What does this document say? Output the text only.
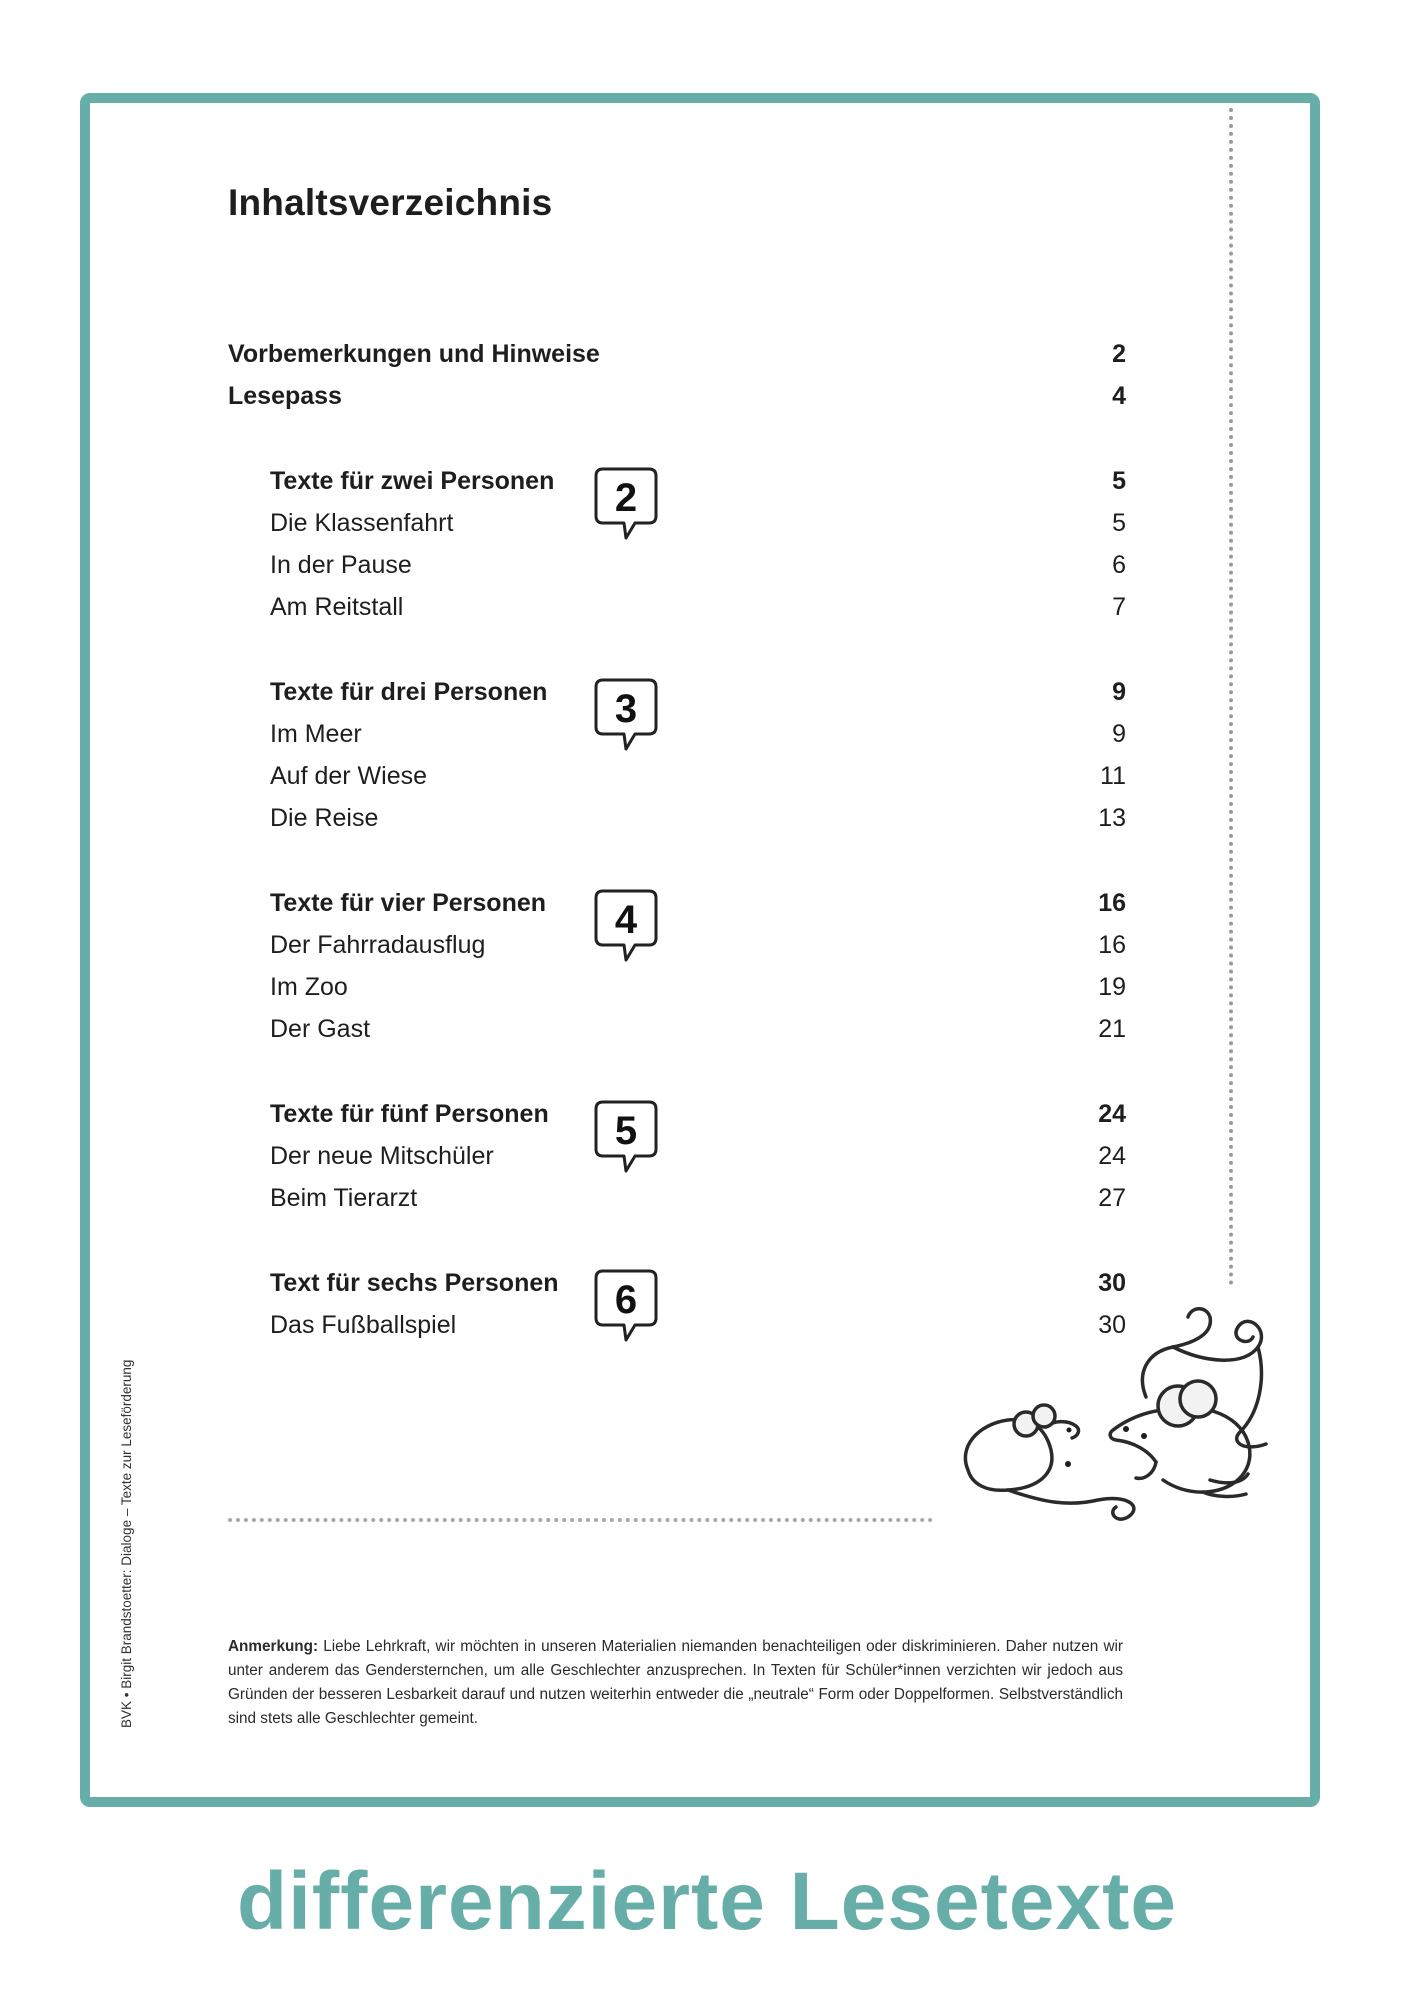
Inhaltsverzeichnis
Vorbemerkungen und Hinweise	2
Lesepass	4
Texte für zwei Personen	5
Die Klassenfahrt	5
In der Pause	6
Am Reitstall	7
2
Texte für drei Personen	9
Im Meer	9
Auf der Wiese	11
Die Reise	13
3
Texte für vier Personen	16
Der Fahrradausflug	16
Im Zoo	19
Der Gast	21
4
Texte für fünf Personen	24
Der neue Mitschüler	24
Beim Tierarzt	27
5
Text für sechs Personen	30
Das Fußballspiel	30
6
BVK • Birgit Brandstoetter: Dialoge – Texte zur Leseförderung	Anmerkung: Liebe Lehrkraft, wir möchten in unseren Materialien niemanden benachteiligen oder diskriminieren. Daher nutzen wir unter anderem das Gendersternchen, um alle Geschlechter anzusprechen. In Texten für Schüler*innen verzichten wir jedoch aus Gründen der besseren Lesbarkeit darauf und nutzen weiterhin entweder die „neutrale“ Form oder Doppelformen. Selbstverständlich sind stets alle Geschlechter gemeint.

differenzierte Lesetexte
